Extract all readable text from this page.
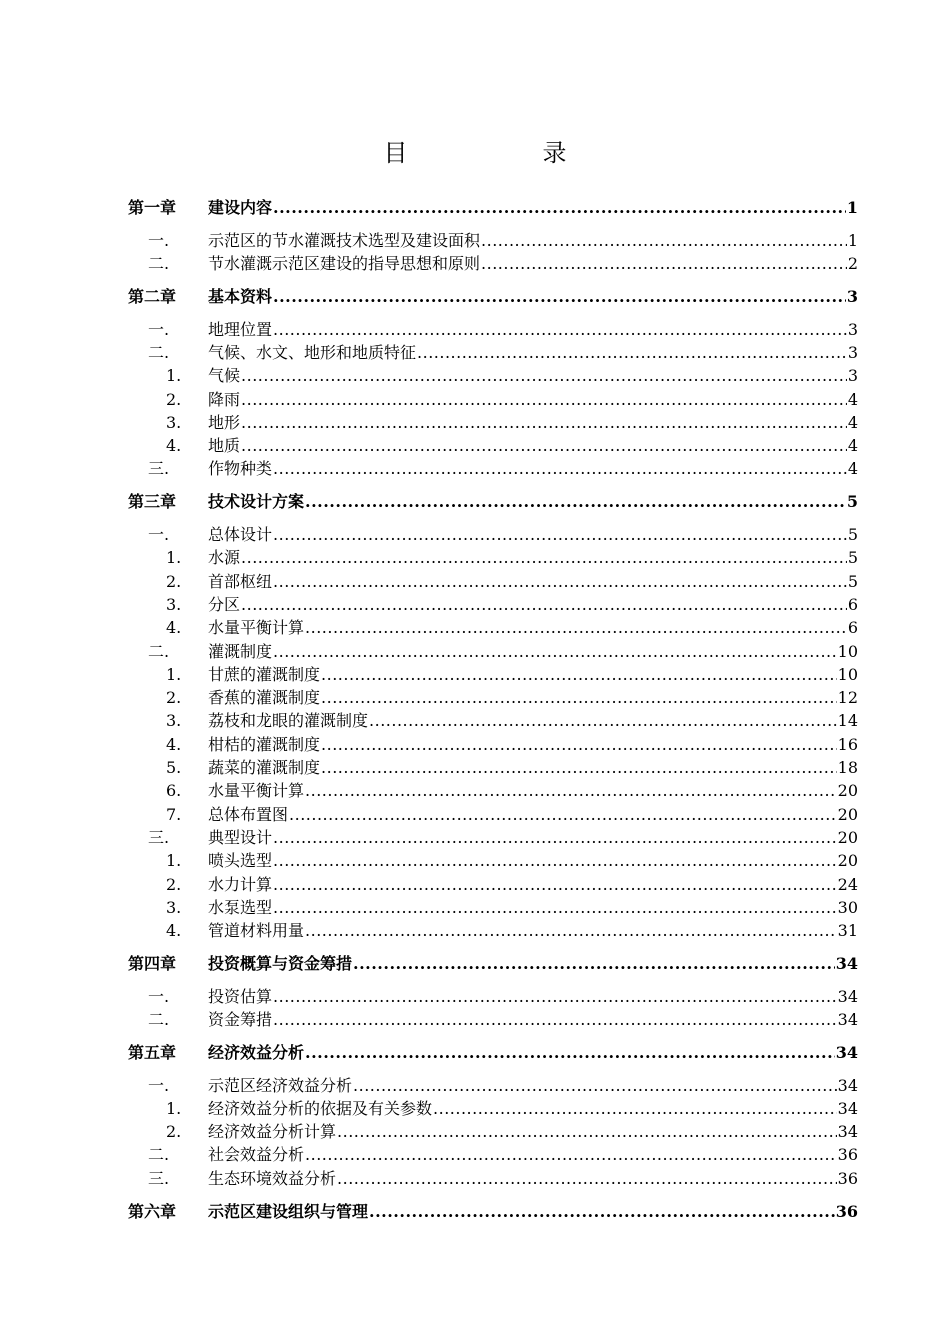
目	录
第一章	建设内容 .....	1
一.	示范区的节水灌溉技术选型及建设面积 .....	1
二.	节水灌溉示范区建设的指导思想和原则 .....	2
第二章	基本资料 .....	3
一.	地理位置 .....	3
二.	气候、水文、地形和地质特征 .....	3
1.	气候 .....	3
2.	降雨 .....	4
3.	地形 .....	4
4.	地质 .....	4
三.	作物种类 .....	4
第三章	技术设计方案 .....	5
一.	总体设计 .....	5
1.	水源 .....	5
2.	首部枢纽 .....	5
3.	分区 .....	6
4.	水量平衡计算 .....	6
二.	灌溉制度 .....	10
1.	甘蔗的灌溉制度 .....	10
2.	香蕉的灌溉制度 .....	12
3.	荔枝和龙眼的灌溉制度 .....	14
4.	柑桔的灌溉制度 .....	16
5.	蔬菜的灌溉制度 .....	18
6.	水量平衡计算 .....	20
7.	总体布置图 .....	20
三.	典型设计 .....	20
1.	喷头选型 .....	20
2.	水力计算 .....	24
3.	水泵选型 .....	30
4.	管道材料用量 .....	31
第四章	投资概算与资金筹措 .....	34
一.	投资估算 .....	34
二.	资金筹措 .....	34
第五章	经济效益分析 .....	34
一.	示范区经济效益分析 .....	34
1.	经济效益分析的依据及有关参数 .....	34
2.	经济效益分析计算 .....	34
二.	社会效益分析 .....	36
三.	生态环境效益分析 .....	36
第六章	示范区建设组织与管理 .....	36
